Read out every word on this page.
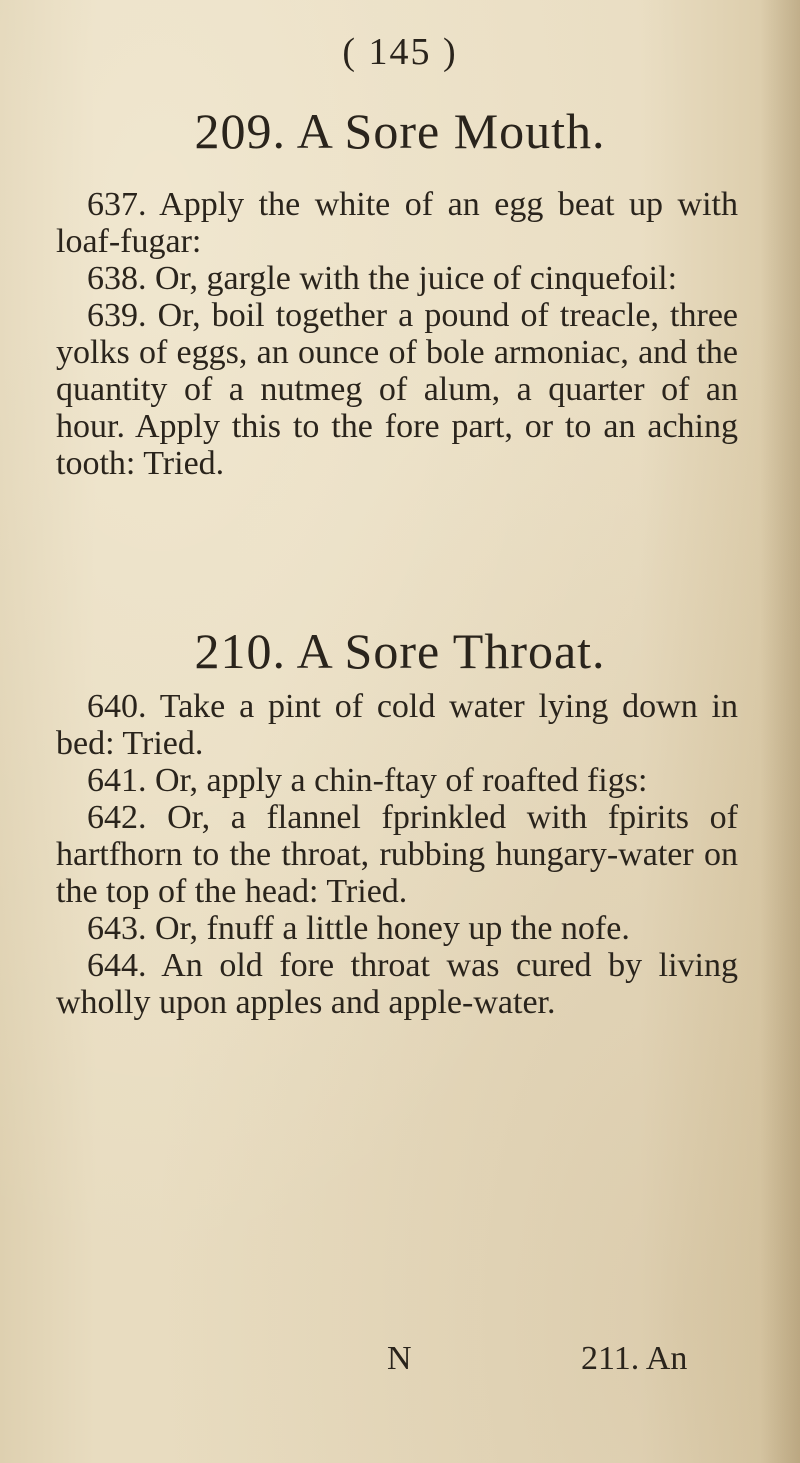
( 145 )
209. A Sore Mouth.

637. Apply the white of an egg beat up with loaf-fugar:

638. Or, gargle with the juice of cinquefoil:

639. Or, boil together a pound of treacle, three yolks of eggs, an ounce of bole armoniac, and the quantity of a nutmeg of alum, a quarter of an hour. Apply this to the fore part, or to an aching tooth: Tried.

210. A Sore Throat.

640. Take a pint of cold water lying down in bed: Tried.

641. Or, apply a chin-ftay of roafted figs:

642. Or, a flannel fprinkled with fpirits of hartfhorn to the throat, rubbing hungary-water on the top of the head: Tried.

643. Or, fnuff a little honey up the nofe.

644. An old fore throat was cured by living wholly upon apples and apple-water.

N	211. An
